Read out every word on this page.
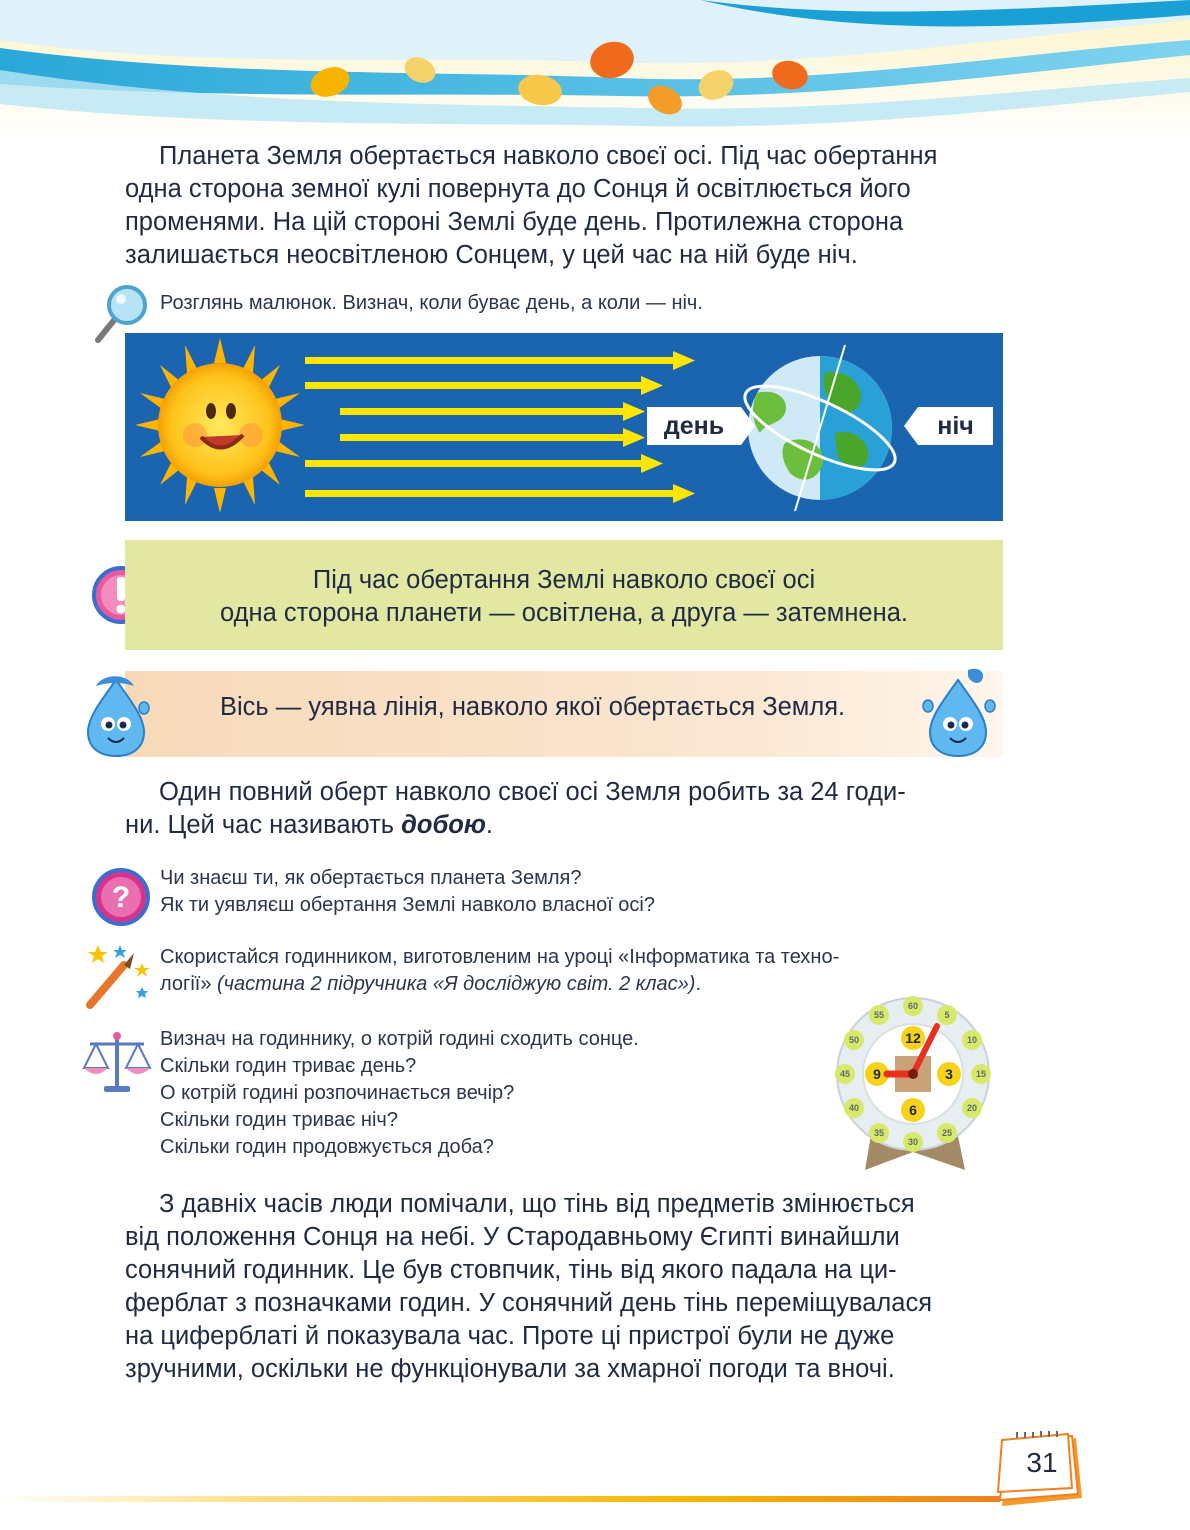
Планета Земля обертається навколо своєї осі. Під час обертання
одна сторона земної кулі повернута до Сонця й освітлюється його
променями. На цій стороні Землі буде день. Протилежна сторона
залишається неосвітленою Сонцем, у цей час на ній буде ніч.
Розглянь малюнок. Визнач, коли буває день, а коли — ніч.
день	ніч
Під час обертання Землі навколо своєї осі
одна сторона планети — освітлена, а друга — затемнена.
Вісь — уявна лінія, навколо якої обертається Земля.
Один повний оберт навколо своєї осі Земля робить за 24 годи-
ни. Цей час називають добою.
?
Чи знаєш ти, як обертається планета Земля?
Як ти уявляєш обертання Землі навколо власної осі?
Скористайся годинником, виготовленим на уроці «Інформатика та техно-
логії» (частина 2 підручника «Я досліджую світ. 2 клас»).
Визнач на годиннику, о котрій годині сходить сонце.
Скільки годин триває день?
О котрій годині розпочинається вечір?
Скільки годин триває ніч?
Скільки годин продовжується доба?
60
5
10
15
20
25
30
35
40
45
50
55
12
3
6
9
З давніх часів люди помічали, що тінь від предметів змінюється
від положення Сонця на небі. У Стародавньому Єгипті винайшли
сонячний годинник. Це був стовпчик, тінь від якого падала на ци-
ферблат з позначками годин. У сонячний день тінь переміщувалася
на циферблаті й показувала час. Проте ці пристрої були не дуже
зручними, оскільки не функціонували за хмарної погоди та вночі.
31
